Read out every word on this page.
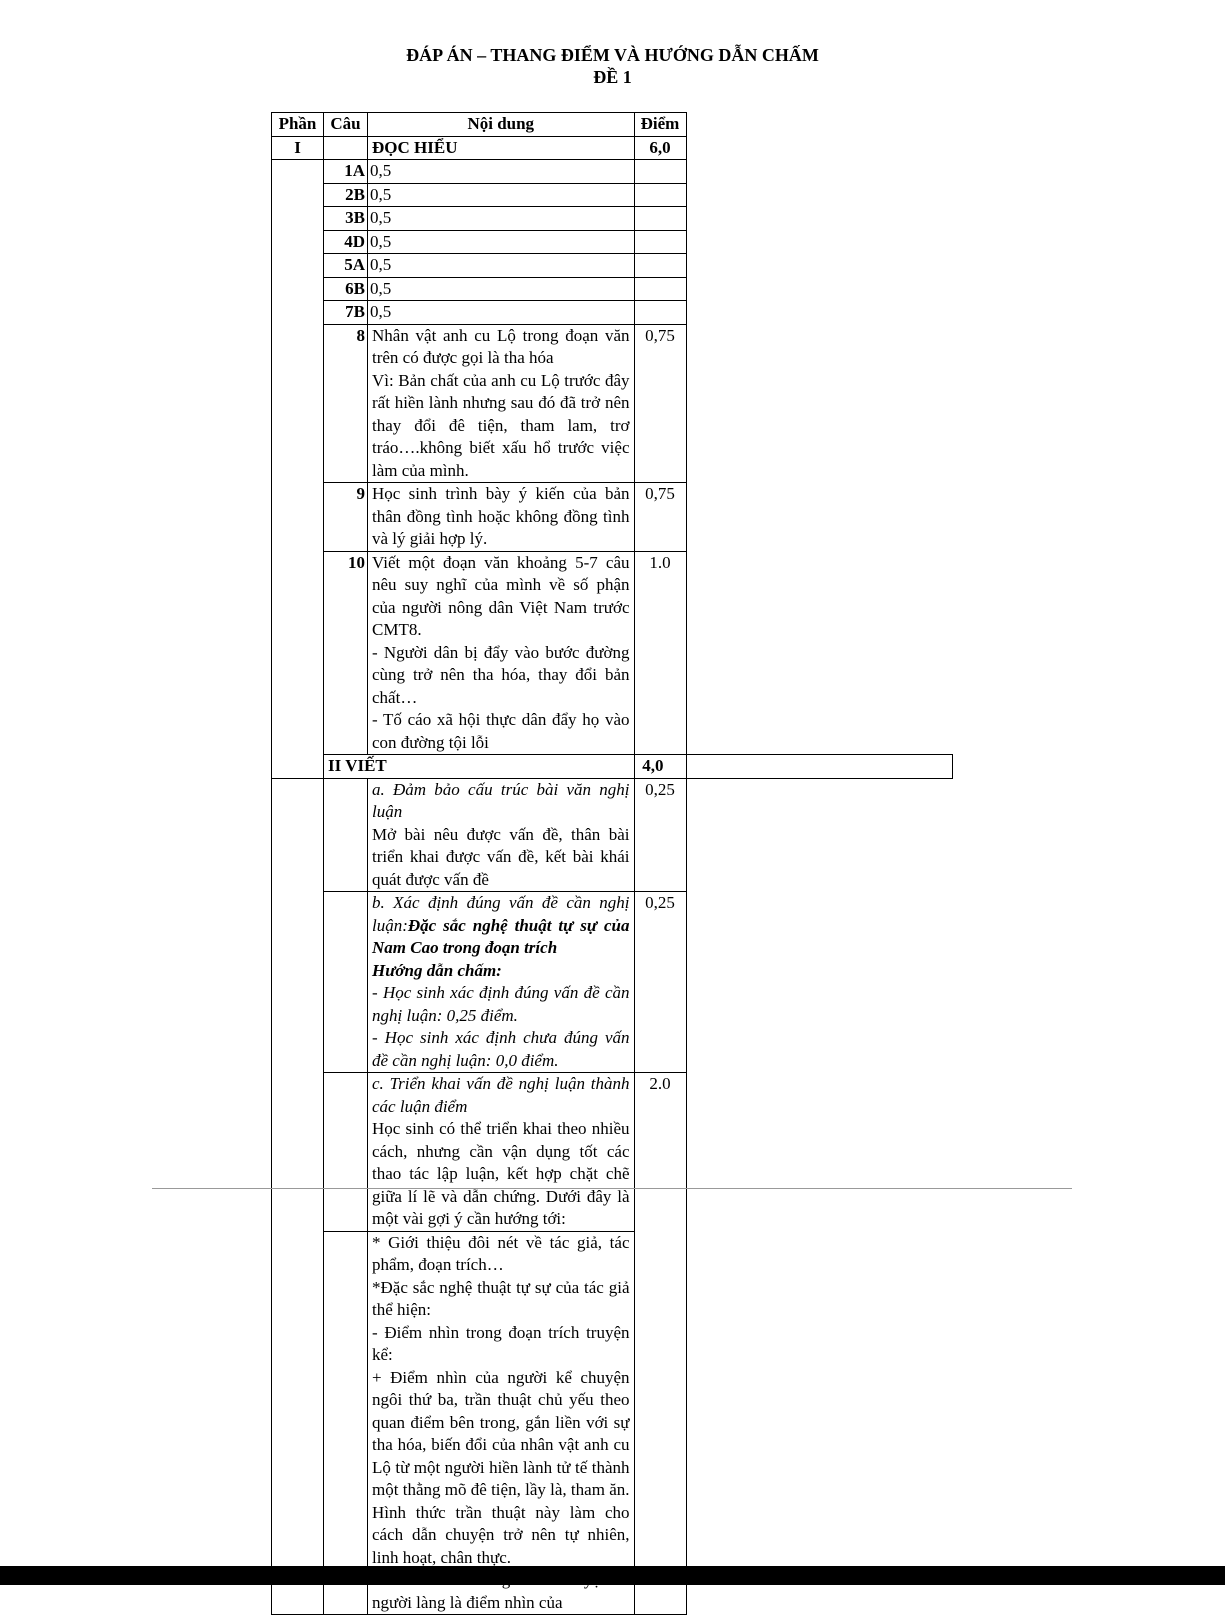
ĐÁP ÁN – THANG ĐIỂM VÀ HƯỚNG DẪN CHẤM
ĐỀ 1
Phần	Câu	Nội dung	Điểm	
I		ĐỌC HIỂU	6,0	
	1A	0,5		
	2B	0,5		
	3B	0,5		
	4D	0,5		
	5A	0,5		
	6B	0,5		
	7B	0,5		
	8	Nhân vật anh cu Lộ trong đoạn văn trên có được gọi là tha hóa
Vì: Bản chất của anh cu Lộ trước đây rất hiền lành nhưng sau đó đã trở nên thay đổi đê tiện, tham lam, trơ tráo….không biết xấu hổ trước việc làm của mình.	0,75	
	9	Học sinh trình bày ý kiến của bản thân đồng tình hoặc không đồng tình và lý giải hợp lý.	0,75	
	10	Viết một đoạn văn khoảng 5-7 câu nêu suy nghĩ của mình về số phận của người nông dân Việt Nam trước CMT8.
- Người dân bị đẩy vào bước đường cùng trở nên tha hóa, thay đổi bản chất…
- Tố cáo xã hội thực dân đẩy họ vào con đường tội lỗi	1.0	
	II VIẾT		4,0	

		a. Đảm bảo cấu trúc bài văn nghị luận
Mở bài nêu được vấn đề, thân bài triển khai được vấn đề, kết bài khái quát được vấn đề	0,25	

		b. Xác định đúng vấn đề cần nghị luận:Đặc sắc nghệ thuật tự sự của Nam Cao trong đoạn trích
Hướng dẫn chấm:
- Học sinh xác định đúng vấn đề cần nghị luận: 0,25 điểm.
- Học sinh xác định chưa đúng vấn đề cần nghị luận: 0,0 điểm.	0,25	

		c. Triển khai vấn đề nghị luận thành các luận điểm
Học sinh có thể triển khai theo nhiều cách, nhưng cần vận dụng tốt các thao tác lập luận, kết hợp chặt chẽ giữa lí lẽ và dẫn chứng. Dưới đây là một vài gợi ý cần hướng tới:	2.0	

		* Giới thiệu đôi nét về tác giả, tác phẩm, đoạn trích…
*Đặc sắc nghệ thuật tự sự của tác giả thể hiện:
- Điểm nhìn trong đoạn trích truyện kể:
+ Điểm nhìn của người kể chuyện ngôi thứ ba, trần thuật chủ yếu theo quan điểm bên trong, gắn liền với sự tha hóa, biến đổi của nhân vật anh cu Lộ từ một người hiền lành tử tế thành một thằng mõ đê tiện, lầy là, tham ăn. Hình thức trần thuật này làm cho cách dẫn chuyện trở nên tự nhiên, linh hoạt, chân thực.
người làng là điểm nhìn của		
